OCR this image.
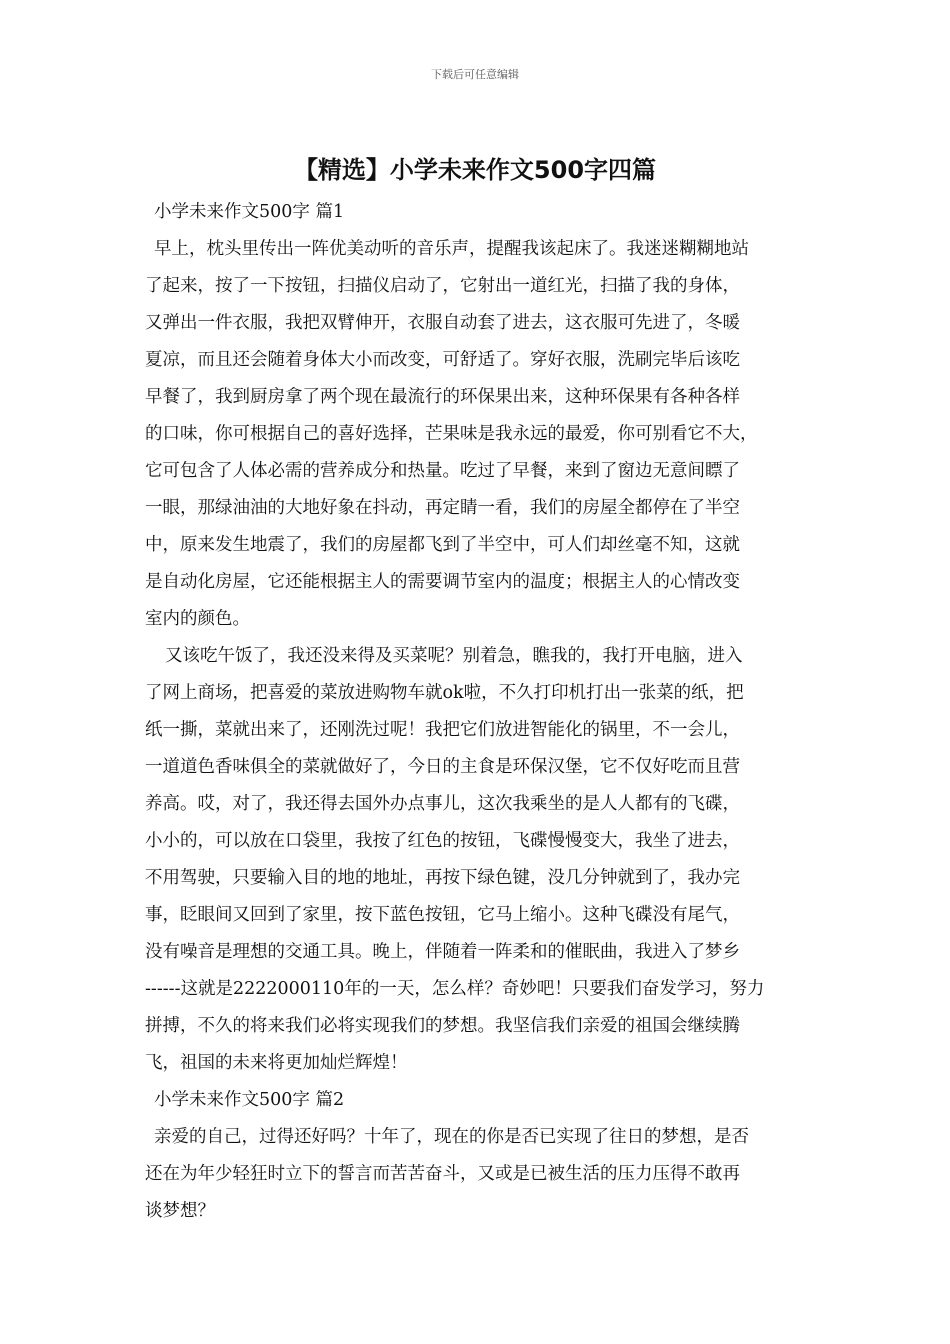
下载后可任意编辑
【精选】小学未来作文500字四篇
小学未来作文500字 篇1
早上，枕头里传出一阵优美动听的音乐声，提醒我该起床了。我迷迷糊糊地站
了起来，按了一下按钮，扫描仪启动了，它射出一道红光，扫描了我的身体，
又弹出一件衣服，我把双臂伸开，衣服自动套了进去，这衣服可先进了，冬暖
夏凉，而且还会随着身体大小而改变，可舒适了。穿好衣服，洗刷完毕后该吃
早餐了，我到厨房拿了两个现在最流行的环保果出来，这种环保果有各种各样
的口味，你可根据自己的喜好选择，芒果味是我永远的最爱，你可别看它不大，
它可包含了人体必需的营养成分和热量。吃过了早餐，来到了窗边无意间瞟了
一眼，那绿油油的大地好象在抖动，再定睛一看，我们的房屋全都停在了半空
中，原来发生地震了，我们的房屋都飞到了半空中，可人们却丝毫不知，这就
是自动化房屋，它还能根据主人的需要调节室内的温度；根据主人的心情改变
室内的颜色。
又该吃午饭了，我还没来得及买菜呢？别着急，瞧我的，我打开电脑，进入
了网上商场，把喜爱的菜放进购物车就ok啦，不久打印机打出一张菜的纸，把
纸一撕，菜就出来了，还刚洗过呢！我把它们放进智能化的锅里，不一会儿，
一道道色香味俱全的菜就做好了，今日的主食是环保汉堡，它不仅好吃而且营
养高。哎，对了，我还得去国外办点事儿，这次我乘坐的是人人都有的飞碟，
小小的，可以放在口袋里，我按了红色的按钮，飞碟慢慢变大，我坐了进去，
不用驾驶，只要输入目的地的地址，再按下绿色键，没几分钟就到了，我办完
事，眨眼间又回到了家里，按下蓝色按钮，它马上缩小。这种飞碟没有尾气，
没有噪音是理想的交通工具。晚上，伴随着一阵柔和的催眠曲，我进入了梦乡
------这就是2222000110年的一天，怎么样？奇妙吧！只要我们奋发学习，努力
拼搏，不久的将来我们必将实现我们的梦想。我坚信我们亲爱的祖国会继续腾
飞，祖国的未来将更加灿烂辉煌！
小学未来作文500字 篇2
亲爱的自己，过得还好吗？十年了，现在的你是否已实现了往日的梦想，是否
还在为年少轻狂时立下的誓言而苦苦奋斗，又或是已被生活的压力压得不敢再
谈梦想？
